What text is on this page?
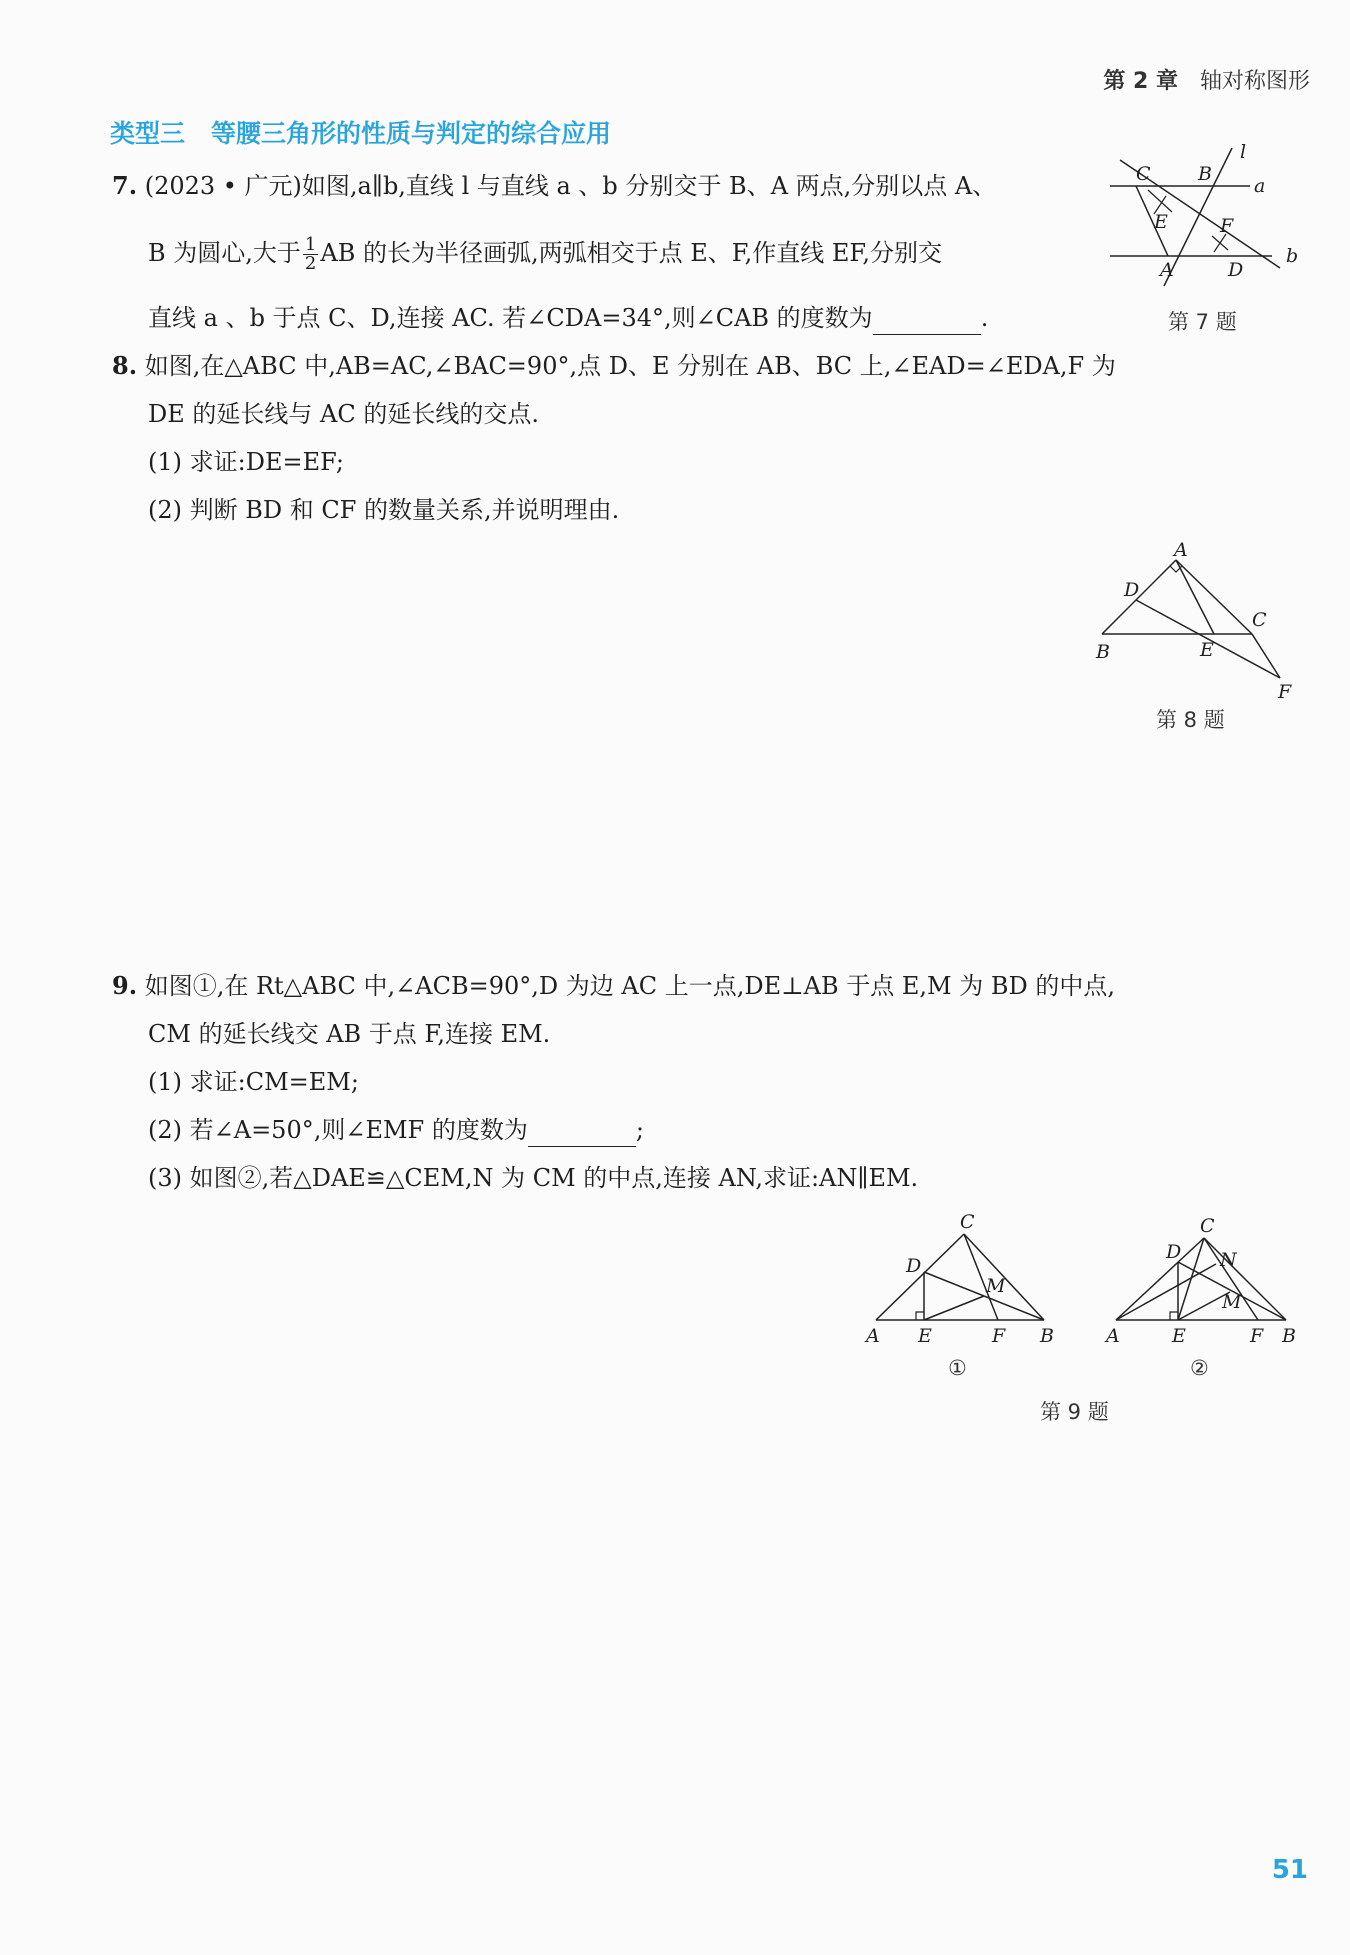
第 2 章 轴对称图形
类型三 等腰三角形的性质与判定的综合应用
7. (2023 • 广元)如图,a∥b,直线 l 与直线 a 、b 分别交于 B、A 两点,分别以点 A、
B 为圆心,大于 $\frac{1}{2}$ AB 的长为半径画弧,两弧相交于点 E、F,作直线 EF,分别交
直线 a 、b 于点 C、D,连接 AC. 若∠CDA=34°,则∠CAB 的度数为	.
C B
l
a
E	F
b
A	D
第 7 题
8. 如图,在△ABC 中,AB=AC,∠BAC=90°,点 D、E 分别在 AB、BC 上,∠EAD=∠EDA,F 为
DE 的延长线与 AC 的延长线的交点.
(1) 求证:DE=EF;
(2) 判断 BD 和 CF 的数量关系,并说明理由.
A
D
C
B	E
F
第 8 题
9. 如图①,在 Rt△ABC 中,∠ACB=90°,D 为边 AC 上一点,DE⊥AB 于点 E,M 为 BD 的中点,
CM 的延长线交 AB 于点 F,连接 EM.
(1) 求证:CM=EM;
(2) 若∠A=50°,则∠EMF 的度数为	;
(3) 如图②,若△DAE≌△CEM,N 为 CM 的中点,连接 AN,求证:AN∥EM.
C
D
M
A E	F B
①
C
D N
M
A	E	F B
②
第 9 题
51
